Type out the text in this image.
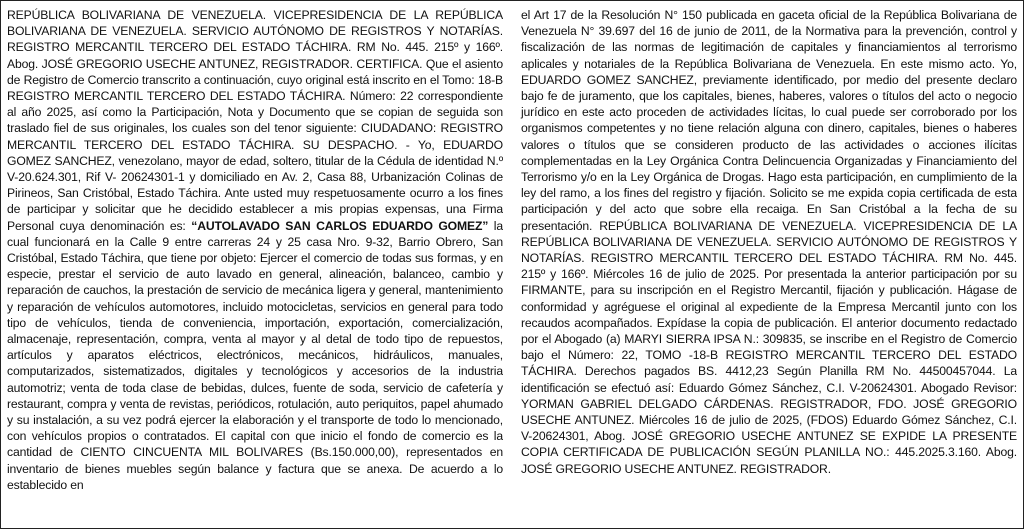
REPÚBLICA BOLIVARIANA DE VENEZUELA. VICEPRESIDENCIA DE LA REPÚBLICA BOLIVARIANA DE VENEZUELA. SERVICIO AUTÓNOMO DE REGISTROS Y NOTARÍAS. REGISTRO MERCANTIL TERCERO DEL ESTADO TÁCHIRA. RM No. 445. 215º y 166º. Abog. JOSÉ GREGORIO USECHE ANTUNEZ, REGISTRADOR. CERTIFICA. Que el asiento de Registro de Comercio transcrito a continuación, cuyo original está inscrito en el Tomo: 18-B REGISTRO MERCANTIL TERCERO DEL ESTADO TÁCHIRA. Número: 22 correspondiente al año 2025, así como la Participación, Nota y Documento que se copian de seguida son traslado fiel de sus originales, los cuales son del tenor siguiente: CIUDADANO: REGISTRO MERCANTIL TERCERO DEL ESTADO TÁCHIRA. SU DESPACHO. - Yo, EDUARDO GOMEZ SANCHEZ, venezolano, mayor de edad, soltero, titular de la Cédula de identidad N.º V-20.624.301, Rif V- 20624301-1 y domiciliado en Av. 2, Casa 88, Urbanización Colinas de Pirineos, San Cristóbal, Estado Táchira. Ante usted muy respetuosamente ocurro a los fines de participar y solicitar que he decidido establecer a mis propias expensas, una Firma Personal cuya denominación es: “AUTOLAVADO SAN CARLOS EDUARDO GOMEZ” la cual funcionará en la Calle 9 entre carreras 24 y 25 casa Nro. 9-32, Barrio Obrero, San Cristóbal, Estado Táchira, que tiene por objeto: Ejercer el comercio de todas sus formas, y en especie, prestar el servicio de auto lavado en general, alineación, balanceo, cambio y reparación de cauchos, la prestación de servicio de mecánica ligera y general, mantenimiento y reparación de vehículos automotores, incluido motocicletas, servicios en general para todo tipo de vehículos, tienda de conveniencia, importación, exportación, comercialización, almacenaje, representación, compra, venta al mayor y al detal de todo tipo de repuestos, artículos y aparatos eléctricos, electrónicos, mecánicos, hidráulicos, manuales, computarizados, sistematizados, digitales y tecnológicos y accesorios de la industria automotriz; venta de toda clase de bebidas, dulces, fuente de soda, servicio de cafetería y restaurant, compra y venta de revistas, periódicos, rotulación, auto periquitos, papel ahumado y su instalación, a su vez podrá ejercer la elaboración y el transporte de todo lo mencionado, con vehículos propios o contratados. El capital con que inicio el fondo de comercio es la cantidad de CIENTO CINCUENTA MIL BOLIVARES (Bs.150.000,00), representados en inventario de bienes muebles según balance y factura que se anexa. De acuerdo a lo establecido en
el Art 17 de la Resolución N° 150 publicada en gaceta oficial de la República Bolivariana de Venezuela N° 39.697 del 16 de junio de 2011, de la Normativa para la prevención, control y fiscalización de las normas de legitimación de capitales y financiamientos al terrorismo aplicales y notariales de la República Bolivariana de Venezuela. En este mismo acto. Yo, EDUARDO GOMEZ SANCHEZ, previamente identificado, por medio del presente declaro bajo fe de juramento, que los capitales, bienes, haberes, valores o títulos del acto o negocio jurídico en este acto proceden de actividades lícitas, lo cual puede ser corroborado por los organismos competentes y no tiene relación alguna con dinero, capitales, bienes o haberes valores o títulos que se consideren producto de las actividades o acciones ilícitas complementadas en la Ley Orgánica Contra Delincuencia Organizadas y Financiamiento del Terrorismo y/o en la Ley Orgánica de Drogas. Hago esta participación, en cumplimiento de la ley del ramo, a los fines del registro y fijación. Solicito se me expida copia certificada de esta participación y del acto que sobre ella recaiga. En San Cristóbal a la fecha de su presentación. REPÚBLICA BOLIVARIANA DE VENEZUELA. VICEPRESIDENCIA DE LA REPÚBLICA BOLIVARIANA DE VENEZUELA. SERVICIO AUTÓNOMO DE REGISTROS Y NOTARÍAS. REGISTRO MERCANTIL TERCERO DEL ESTADO TÁCHIRA. RM No. 445. 215º y 166º. Miércoles 16 de julio de 2025. Por presentada la anterior participación por su FIRMANTE, para su inscripción en el Registro Mercantil, fijación y publicación. Hágase de conformidad y agréguese el original al expediente de la Empresa Mercantil junto con los recaudos acompañados. Expídase la copia de publicación. El anterior documento redactado por el Abogado (a) MARYI SIERRA IPSA N.: 309835, se inscribe en el Registro de Comercio bajo el Número: 22, TOMO -18-B REGISTRO MERCANTIL TERCERO DEL ESTADO TÁCHIRA. Derechos pagados BS. 4412,23 Según Planilla RM No. 44500457044. La identificación se efectuó así: Eduardo Gómez Sánchez, C.I. V-20624301. Abogado Revisor: YORMAN GABRIEL DELGADO CÁRDENAS. REGISTRADOR, FDO. JOSÉ GREGORIO USECHE ANTUNEZ. Miércoles 16 de julio de 2025, (FDOS) Eduardo Gómez Sánchez, C.I. V-20624301, Abog. JOSÉ GREGORIO USECHE ANTUNEZ SE EXPIDE LA PRESENTE COPIA CERTIFICADA DE PUBLICACIÓN SEGÚN PLANILLA NO.: 445.2025.3.160. Abog. JOSÉ GREGORIO USECHE ANTUNEZ. REGISTRADOR.
